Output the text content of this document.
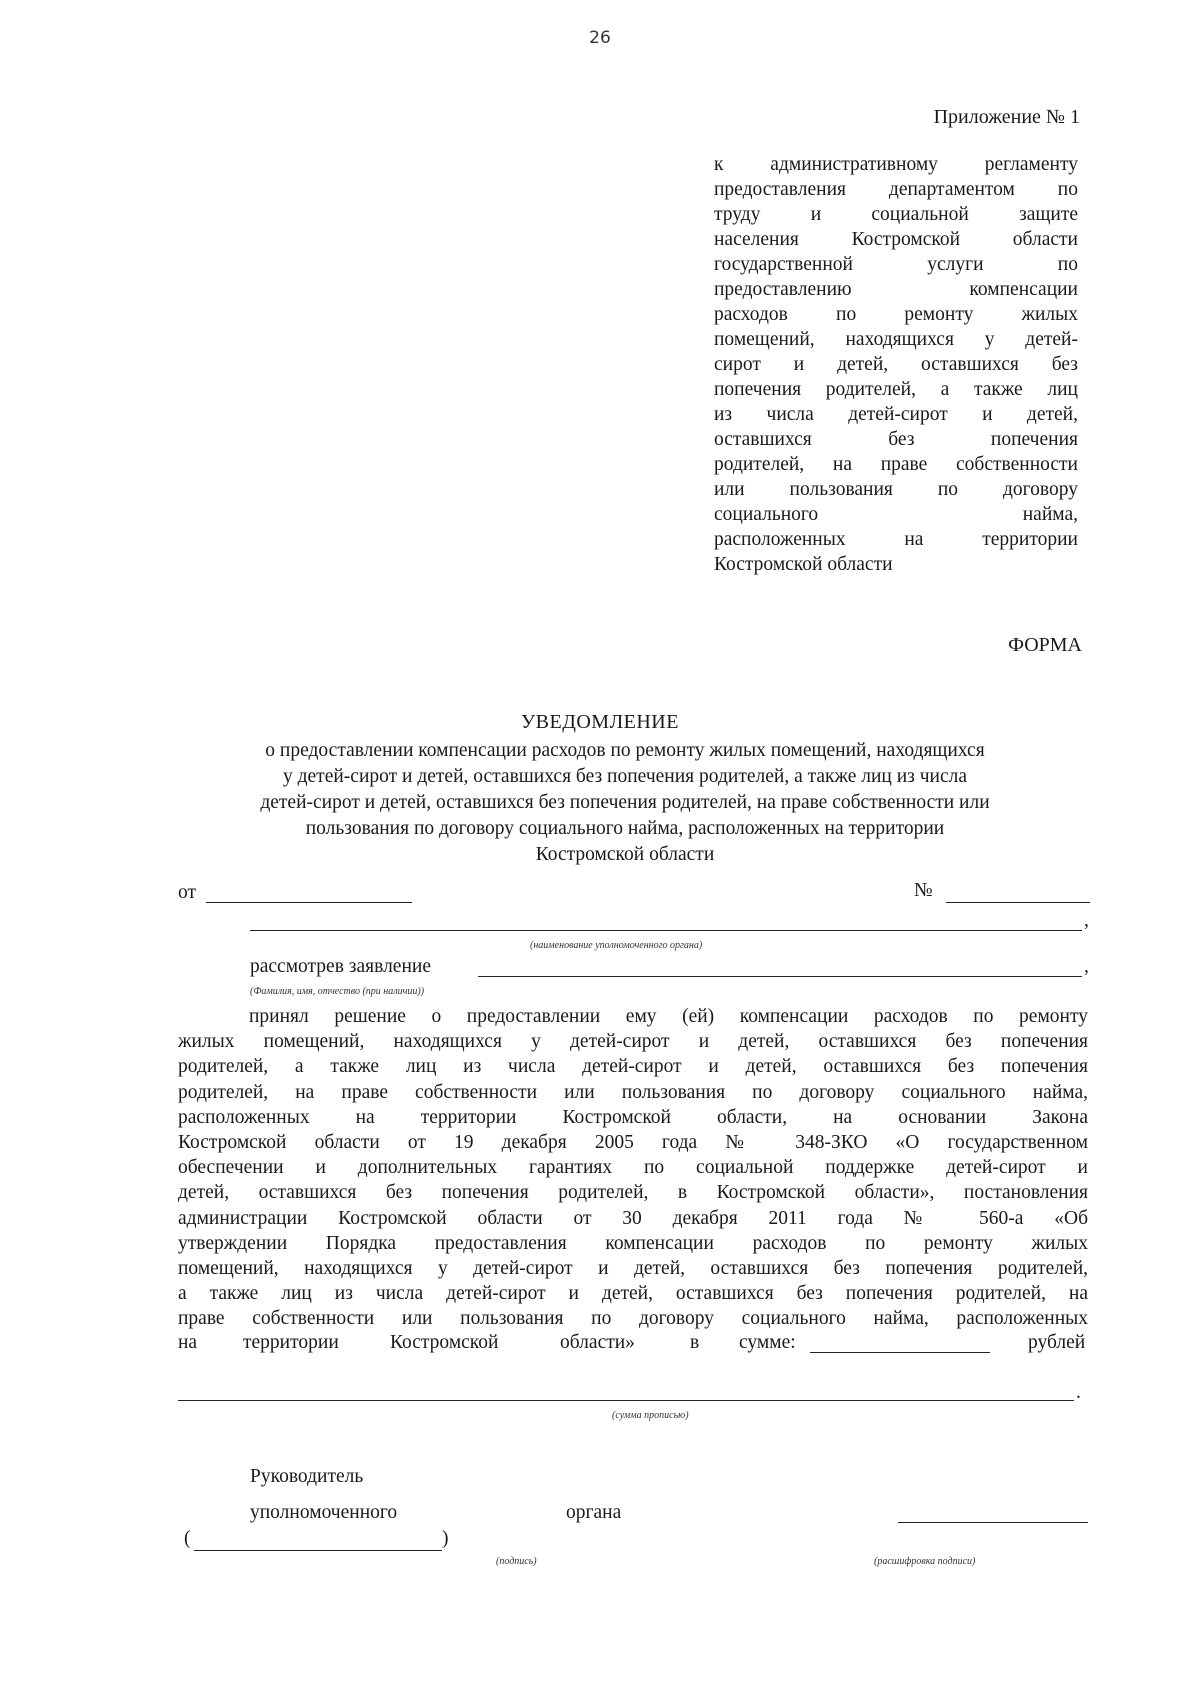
26
Приложение № 1
к административному регламенту
предоставления департаментом по
труду и социальной защите
населения Костромской области
государственной услуги по
предоставлению компенсации
расходов по ремонту жилых
помещений, находящихся у детей-
сирот и детей, оставшихся без
попечения родителей, а также лиц
из числа детей-сирот и детей,
оставшихся без попечения
родителей, на праве собственности
или пользования по договору
социального найма,
расположенных на территории
Костромской области
ФОРМА
УВЕДОМЛЕНИЕ
о предоставлении компенсации расходов по ремонту жилых помещений, находящихся
у детей-сирот и детей, оставшихся без попечения родителей, а также лиц из числа
детей-сирот и детей, оставшихся без попечения родителей, на праве собственности или
пользования по договору социального найма, расположенных на территории
Костромской области
от	№
,
(наименование уполномоченного органа)
рассмотрев заявление	,
(Фамилия, имя, отчество (при наличии))
принял решение о предоставлении ему (ей) компенсации расходов по ремонту
жилых помещений, находящихся у детей-сирот и детей, оставшихся без попечения
родителей, а также лиц из числа детей-сирот и детей, оставшихся без попечения
родителей, на праве собственности или пользования по договору социального найма,
расположенных на территории Костромской области, на основании Закона
Костромской области от 19 декабря 2005 года № 348-ЗКО «О государственном
обеспечении и дополнительных гарантиях по социальной поддержке детей-сирот и
детей, оставшихся без попечения родителей, в Костромской области», постановления
администрации Костромской области от 30 декабря 2011 года № 560-а «Об
утверждении Порядка предоставления компенсации расходов по ремонту жилых
помещений, находящихся у детей-сирот и детей, оставшихся без попечения родителей,
а также лиц из числа детей-сирот и детей, оставшихся без попечения родителей, на
праве собственности или пользования по договору социального найма, расположенных
на территории	Костромской	области»	в сумме:	рублей
.
(сумма прописью)
Руководитель
уполномоченного	органа
(	)
(подпись)	(расшифровка подписи)
